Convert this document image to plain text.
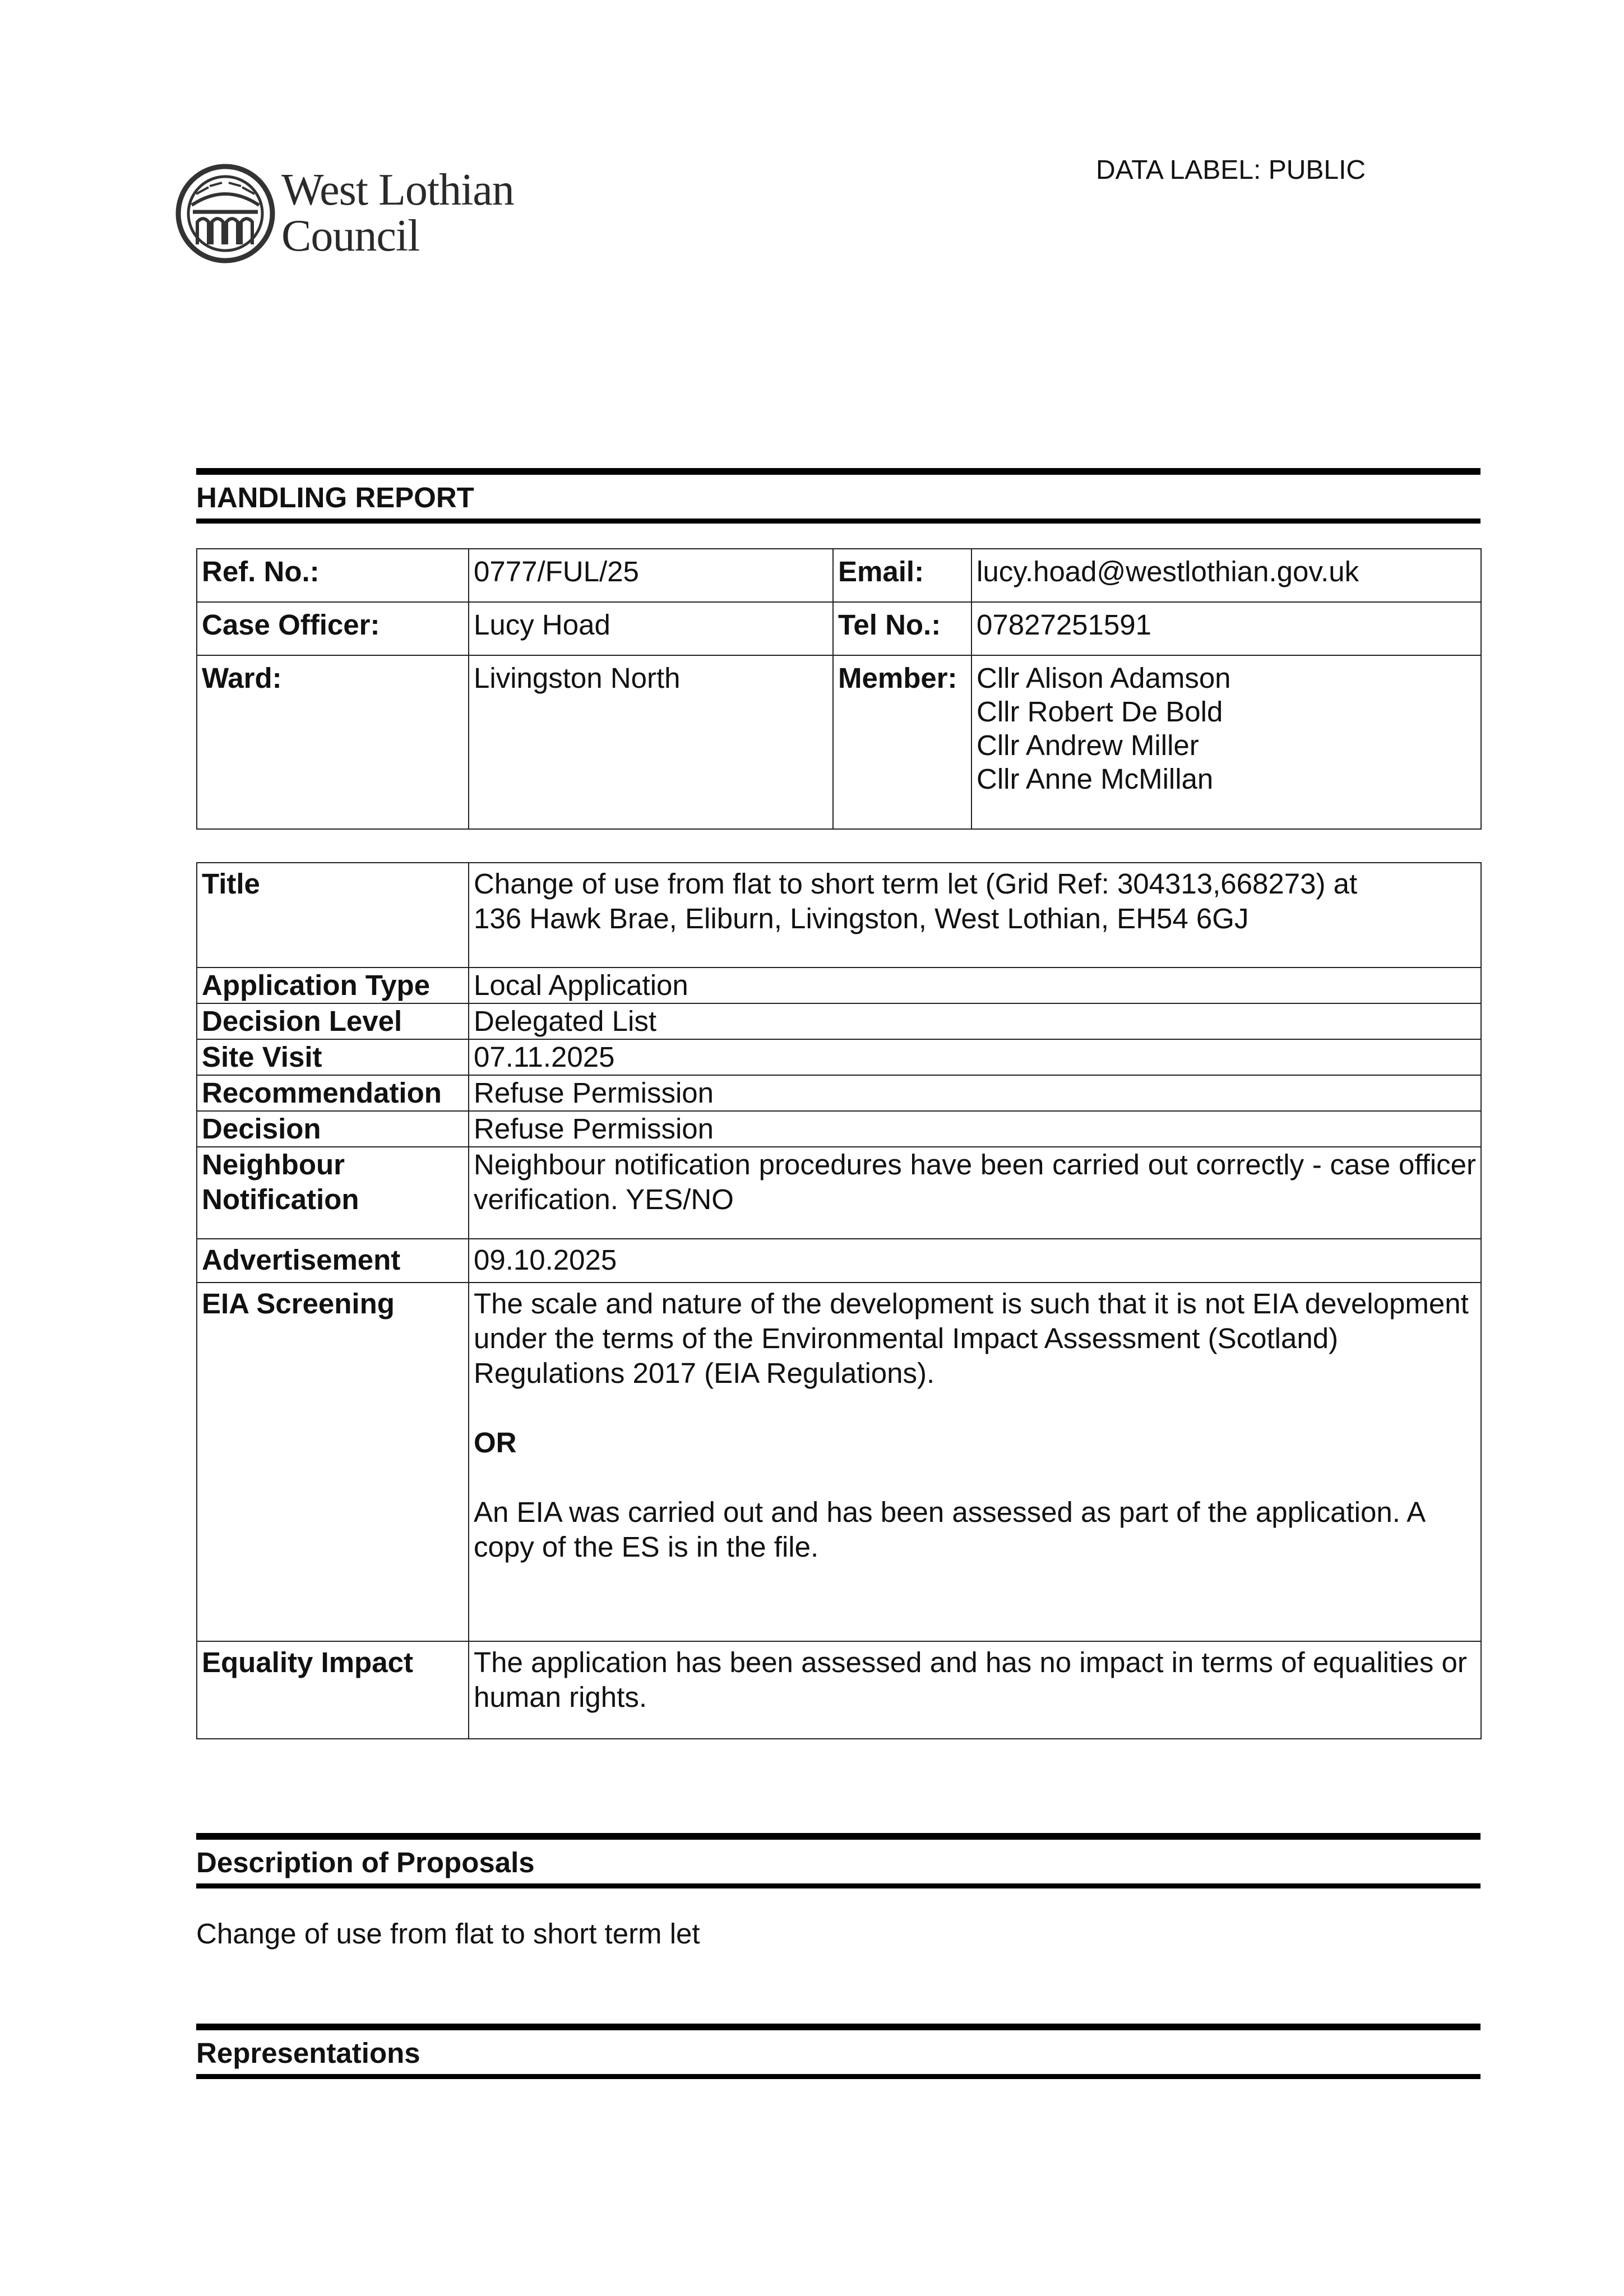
West Lothian
Council
DATA LABEL: PUBLIC
HANDLING REPORT
Ref. No.:	0777/FUL/25	Email:	lucy.hoad@westlothian.gov.uk
Case Officer:	Lucy Hoad	Tel No.:	07827251591
Ward:	Livingston North	Member:	Cllr Alison Adamson
Cllr Robert De Bold
Cllr Andrew Miller
Cllr Anne McMillan
Title	Change of use from flat to short term let (Grid Ref: 304313,668273) at
136 Hawk Brae, Eliburn, Livingston, West Lothian, EH54 6GJ

Application Type	Local Application
Decision Level	Delegated List
Site Visit	07.11.2025
Recommendation	Refuse Permission
Decision	Refuse Permission

Neighbour
Notification	Neighbour notification procedures have been carried out correctly - case officer verification. YES/NO
Advertisement	09.10.2025
EIA Screening	The scale and nature of the development is such that it is not EIA development under the terms of the Environmental Impact Assessment (Scotland) Regulations 2017 (EIA Regulations).
OR
An EIA was carried out and has been assessed as part of the application. A copy of the ES is in the file.

Equality Impact	The application has been assessed and has no impact in terms of equalities or human rights.
Description of Proposals
Change of use from flat to short term let
Representations
